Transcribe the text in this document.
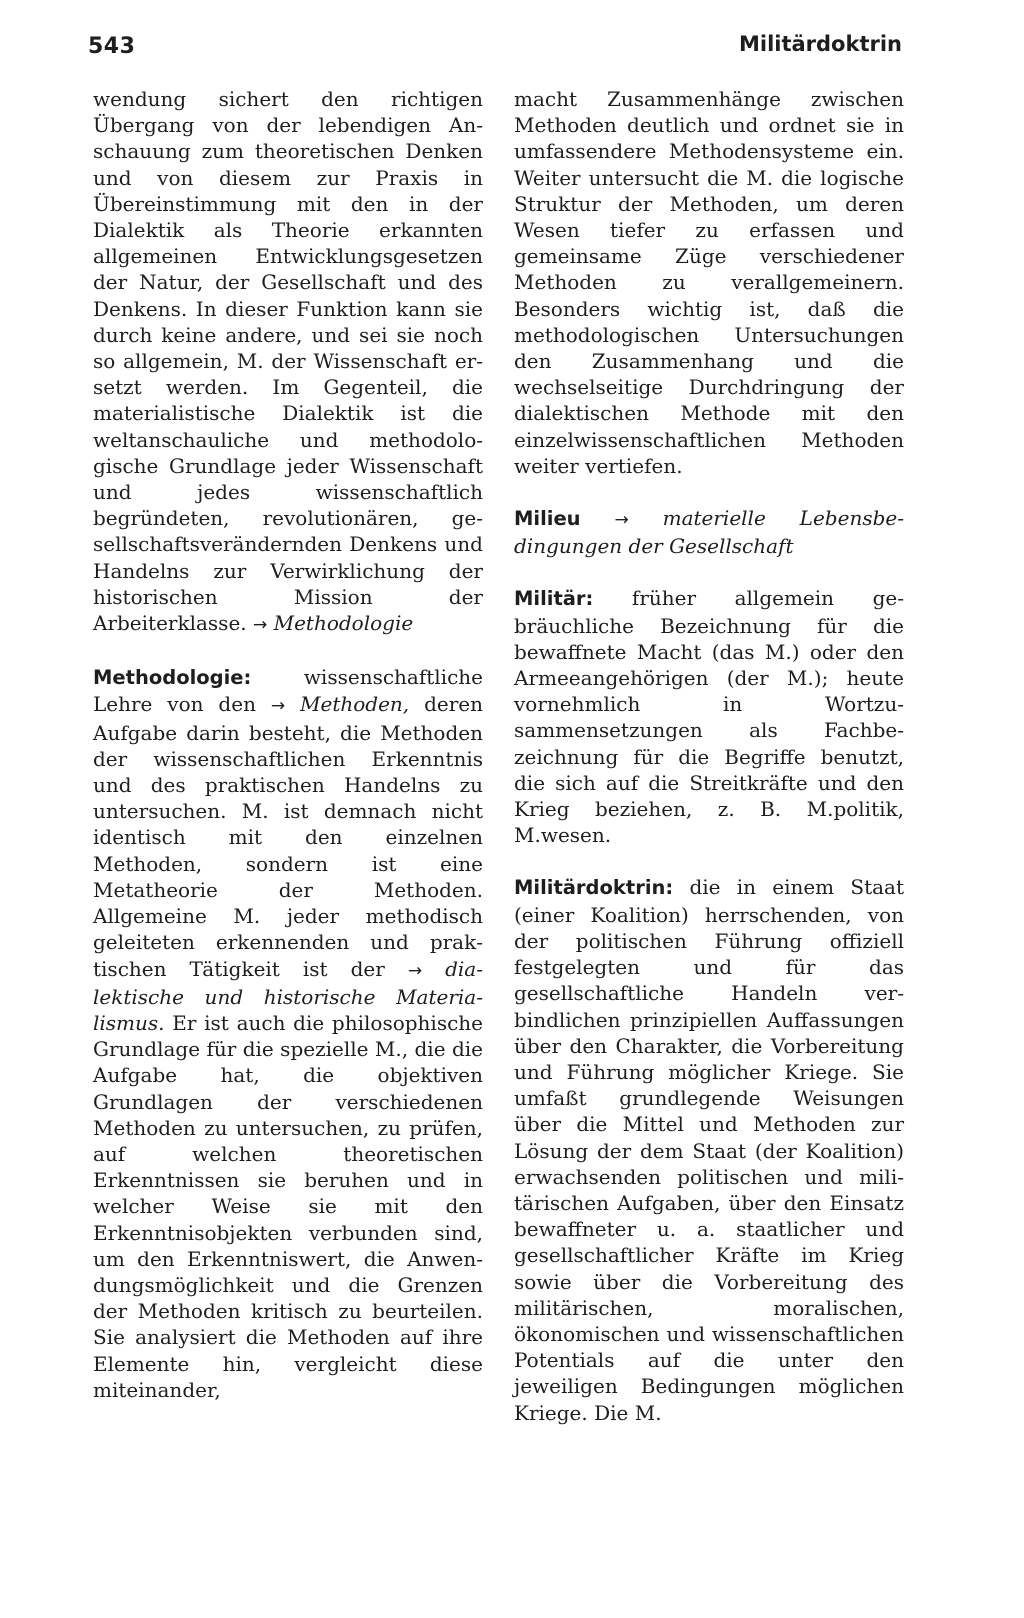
543	Militärdoktrin

wendung sichert den richtigen Übergang von der lebendigen Anschauung zum theoretischen Denken und von diesem zur Praxis in Übereinstimmung mit den in der Dialektik als Theorie erkannten allgemeinen Entwicklungsgesetzen der Natur, der Gesellschaft und des Denkens. In dieser Funktion kann sie durch keine andere, und sei sie noch so allgemein, M. der Wissenschaft ersetzt werden. Im Gegenteil, die materialistische Dialektik ist die weltanschauliche und methodologische Grundlage jeder Wissenschaft und jedes wissenschaftlich begründeten, revolutionären, gesellschaftsverändernden Denkens und Handelns zur Verwirklichung der historischen Mission der Arbeiterklasse. → Methodologie

Methodologie:	wissenschaftliche Lehre von den → Methoden, deren Aufgabe darin besteht, die Methoden der wissenschaftlichen Erkenntnis und des praktischen Handelns zu untersuchen. M. ist demnach nicht identisch mit den einzelnen Methoden, sondern ist eine Metatheorie der Methoden. Allgemeine M. jeder methodisch geleiteten erkennenden und praktischen Tätigkeit ist der → dialektische und historische Materialismus. Er ist auch die philosophische Grundlage für die spezielle M., die die Aufgabe hat, die objektiven Grundlagen der verschiedenen Methoden zu untersuchen, zu prüfen, auf welchen theoretischen Erkenntnissen sie beruhen und in welcher Weise sie mit den Erkenntnisobjekten verbunden sind, um den Erkenntniswert, die Anwendungsmöglichkeit und die Grenzen der Methoden kritisch zu beurteilen. Sie analysiert die Methoden auf ihre Elemente hin, vergleicht diese miteinander,

macht Zusammenhänge zwischen Methoden deutlich und ordnet sie in umfassendere Methodensysteme ein. Weiter untersucht die M. die logische Struktur der Methoden, um deren Wesen tiefer zu erfassen und gemeinsame Züge verschiedener Methoden zu verallgemeinern. Besonders wichtig ist, daß die methodologischen Untersuchungen den Zusammenhang und die wechselseitige Durchdringung der dialektischen Methode mit den einzelwissenschaftlichen Methoden weiter vertiefen.

Milieu → materielle Lebensbedingungen der Gesellschaft

Militär: früher allgemein gebräuchliche Bezeichnung für die bewaffnete Macht (das M.) oder den Armeeangehörigen (der M.); heute vornehmlich in Wortzusammensetzungen als Fachbezeichnung für die Begriffe benutzt, die sich auf die Streitkräfte und den Krieg beziehen, z. B. M.politik, M.wesen.

Militärdoktrin: die in einem Staat (einer Koalition) herrschenden, von der politischen Führung offiziell festgelegten und für das gesellschaftliche Handeln verbindlichen prinzipiellen Auffassungen über den Charakter, die Vorbereitung und Führung möglicher Kriege. Sie umfaßt grundlegende Weisungen über die Mittel und Methoden zur Lösung der dem Staat (der Koalition) erwachsenden politischen und militärischen Aufgaben, über den Einsatz bewaffneter u. a. staatlicher und gesellschaftlicher Kräfte im Krieg sowie über die Vorbereitung des militärischen, moralischen, ökonomischen und wissenschaftlichen Potentials auf die unter den jeweiligen Bedingungen möglichen Kriege. Die M.
